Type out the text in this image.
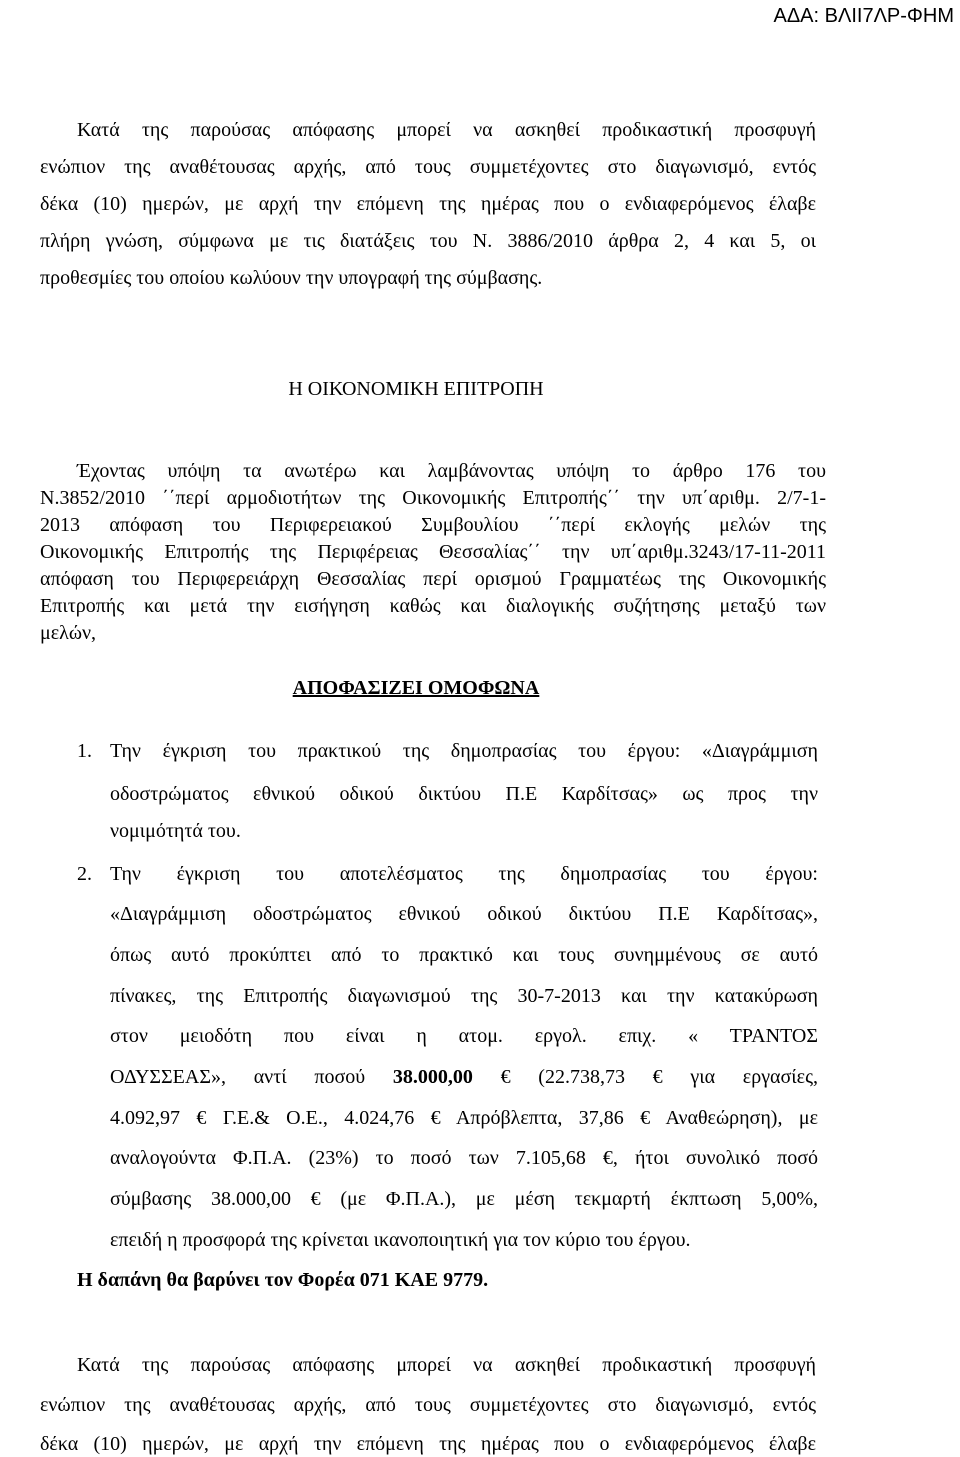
ΑΔΑ: ΒΛΙΙ7ΛΡ-ΦΗΜ
Κατά της παρούσας απόφασης μπορεί να ασκηθεί προδικαστική προσφυγή
ενώπιον της αναθέτουσας αρχής, από τους συμμετέχοντες στο διαγωνισμό, εντός
δέκα (10) ημερών, με αρχή την επόμενη της ημέρας που ο ενδιαφερόμενος έλαβε
πλήρη γνώση, σύμφωνα με τις διατάξεις του Ν. 3886/2010 άρθρα 2, 4 και 5, οι
προθεσμίες του οποίου κωλύουν την υπογραφή της σύμβασης.
Η ΟΙΚΟΝΟΜΙΚΗ ΕΠΙΤΡΟΠΗ
Έχοντας υπόψη τα ανωτέρω και λαμβάνοντας υπόψη το άρθρο 176 του
Ν.3852/2010 ΄΄περί αρμοδιοτήτων της Οικονομικής Επιτροπής΄΄ την υπ΄αριθμ. 2/7-1-
2013 απόφαση του Περιφερειακού Συμβουλίου ΄΄περί εκλογής μελών της
Οικονομικής Επιτροπής της Περιφέρειας Θεσσαλίας΄΄ την υπ΄αριθμ.3243/17-11-2011
απόφαση του Περιφερειάρχη Θεσσαλίας περί ορισμού Γραμματέως της Οικονομικής
Επιτροπής και μετά την εισήγηση καθώς και διαλογικής συζήτησης μεταξύ των
μελών,
ΑΠΟΦΑΣΙΖΕΙ ΟΜΟΦΩΝΑ
1. Την έγκριση του πρακτικού της δημοπρασίας του έργου: «Διαγράμμιση
οδοστρώματος εθνικού οδικού δικτύου Π.Ε Καρδίτσας» ως προς την
νομιμότητά του.
2. Την έγκριση του αποτελέσματος της δημοπρασίας του έργου:
«Διαγράμμιση οδοστρώματος εθνικού οδικού δικτύου Π.Ε Καρδίτσας»,
όπως αυτό προκύπτει από το πρακτικό και τους συνημμένους σε αυτό
πίνακες, της Επιτροπής διαγωνισμού της 30-7-2013 και την κατακύρωση
στον μειοδότη που είναι η ατομ. εργολ. επιχ. « ΤΡΑΝΤΟΣ
ΟΔΥΣΣΕΑΣ», αντί ποσού 38.000,00 € (22.738,73 € για εργασίες,
4.092,97 € Γ.Ε.& Ο.Ε., 4.024,76 € Απρόβλεπτα, 37,86 € Αναθεώρηση), με
αναλογούντα Φ.Π.Α. (23%) το ποσό των 7.105,68 €, ήτοι συνολικό ποσό
σύμβασης 38.000,00 € (με Φ.Π.Α.), με μέση τεκμαρτή έκπτωση 5,00%,
επειδή η προσφορά της κρίνεται ικανοποιητική για τον κύριο του έργου.
Η δαπάνη θα βαρύνει τον Φορέα 071 ΚΑΕ 9779.
Κατά της παρούσας απόφασης μπορεί να ασκηθεί προδικαστική προσφυγή
ενώπιον της αναθέτουσας αρχής, από τους συμμετέχοντες στο διαγωνισμό, εντός
δέκα (10) ημερών, με αρχή την επόμενη της ημέρας που ο ενδιαφερόμενος έλαβε
